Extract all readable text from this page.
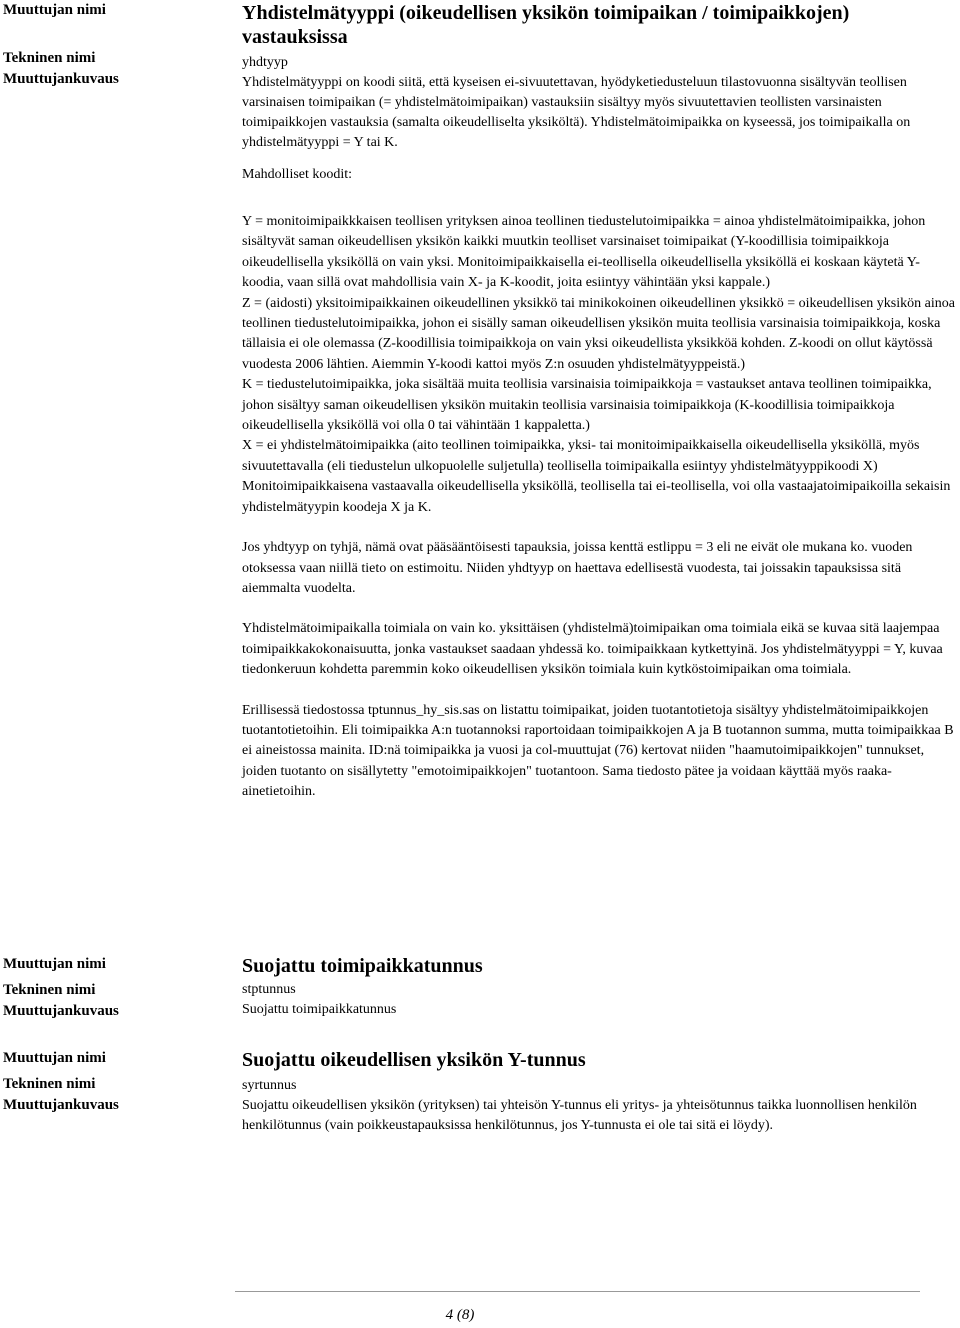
Muuttujan nimi
Tekninen nimi
Muuttujankuvaus
Yhdistelmätyyppi (oikeudellisen yksikön toimipaikan / toimipaikkojen) vastauksissa

yhdtyyp

Yhdistelmätyyppi on koodi siitä, että kyseisen ei-sivuutettavan, hyödyketiedusteluun tilastovuonna sisältyvän teollisen varsinaisen toimipaikan (= yhdistelmätoimipaikan) vastauksiin sisältyy myös sivuutettavien teollisten varsinaisten toimipaikkojen vastauksia (samalta oikeudelliselta yksiköltä). Yhdistelmätoimipaikka on kyseessä, jos toimipaikalla on yhdistelmätyyppi = Y tai K.

Mahdolliset koodit:

Y = monitoimipaikkkaisen teollisen yrityksen ainoa teollinen tiedustelutoimipaikka = ainoa yhdistelmätoimipaikka, johon sisältyvät saman oikeudellisen yksikön kaikki muutkin teolliset varsinaiset toimipaikat (Y-koodillisia toimipaikkoja oikeudellisella yksiköllä on vain yksi. Monitoimipaikkaisella ei-teollisella oikeudellisella yksiköllä ei koskaan käytetä Y-koodia, vaan sillä ovat mahdollisia vain X- ja K-koodit, joita esiintyy vähintään yksi kappale.)

Z = (aidosti) yksitoimipaikkainen oikeudellinen yksikkö tai minikokoinen oikeudellinen yksikkö = oikeudellisen yksikön ainoa teollinen tiedustelutoimipaikka, johon ei sisälly saman oikeudellisen yksikön muita teollisia varsinaisia toimipaikkoja, koska tällaisia ei ole olemassa (Z-koodillisia toimipaikkoja on vain yksi oikeudellista yksikköä kohden. Z-koodi on ollut käytössä vuodesta 2006 lähtien. Aiemmin Y-koodi kattoi myös Z:n osuuden yhdistelmätyyppeistä.)

K = tiedustelutoimipaikka, joka sisältää muita teollisia varsinaisia toimipaikkoja = vastaukset antava teollinen toimipaikka, johon sisältyy saman oikeudellisen yksikön muitakin teollisia varsinaisia toimipaikkoja (K-koodillisia toimipaikkoja oikeudellisella yksiköllä voi olla 0 tai vähintään 1 kappaletta.)

X = ei yhdistelmätoimipaikka (aito teollinen toimipaikka, yksi- tai monitoimipaikkaisella oikeudellisella yksiköllä, myös sivuutettavalla (eli tiedustelun ulkopuolelle suljetulla) teollisella toimipaikalla esiintyy yhdistelmätyyppikoodi X)

Monitoimipaikkaisena vastaavalla oikeudellisella yksiköllä, teollisella tai ei-teollisella, voi olla vastaajatoimipaikoilla sekaisin yhdistelmätyypin koodeja X ja K.

Jos yhdtyyp on tyhjä, nämä ovat pääsääntöisesti tapauksia, joissa kenttä estlippu = 3 eli ne eivät ole mukana ko. vuoden otoksessa vaan niillä tieto on estimoitu. Niiden yhdtyyp on haettava edellisestä vuodesta, tai joissakin tapauksissa sitä aiemmalta vuodelta.

Yhdistelmätoimipaikalla toimiala on vain ko. yksittäisen (yhdistelmä)toimipaikan oma toimiala eikä se kuvaa sitä laajempaa toimipaikkakokonaisuutta, jonka vastaukset saadaan yhdessä ko. toimipaikkaan kytkettyinä. Jos yhdistelmätyyppi = Y, kuvaa tiedonkeruun kohdetta paremmin koko oikeudellisen yksikön toimiala kuin kytköstoimipaikan oma toimiala.

Erillisessä tiedostossa tptunnus_hy_sis.sas on listattu toimipaikat, joiden tuotantotietoja sisältyy yhdistelmätoimipaikkojen tuotantotietoihin. Eli toimipaikka A:n tuotannoksi raportoidaan toimipaikkojen A ja B tuotannon summa, mutta toimipaikkaa B ei aineistossa mainita. ID:nä toimipaikka ja vuosi ja col-muuttujat (76) kertovat niiden "haamutoimipaikkojen" tunnukset, joiden tuotanto on sisällytetty "emotoimipaikkojen" tuotantoon. Sama tiedosto pätee ja voidaan käyttää myös raaka-ainetietoihin.

Muuttujan nimi
Tekninen nimi
Muuttujankuvaus
Suojattu toimipaikkatunnus

stptunnus

Suojattu toimipaikkatunnus

Muuttujan nimi
Tekninen nimi
Muuttujankuvaus
Suojattu oikeudellisen yksikön Y-tunnus

syrtunnus

Suojattu oikeudellisen yksikön (yrityksen) tai yhteisön Y-tunnus eli yritys- ja yhteisötunnus taikka luonnollisen henkilön henkilötunnus (vain poikkeustapauksissa henkilötunnus, jos Y-tunnusta ei ole tai sitä ei löydy).

4 (8)
